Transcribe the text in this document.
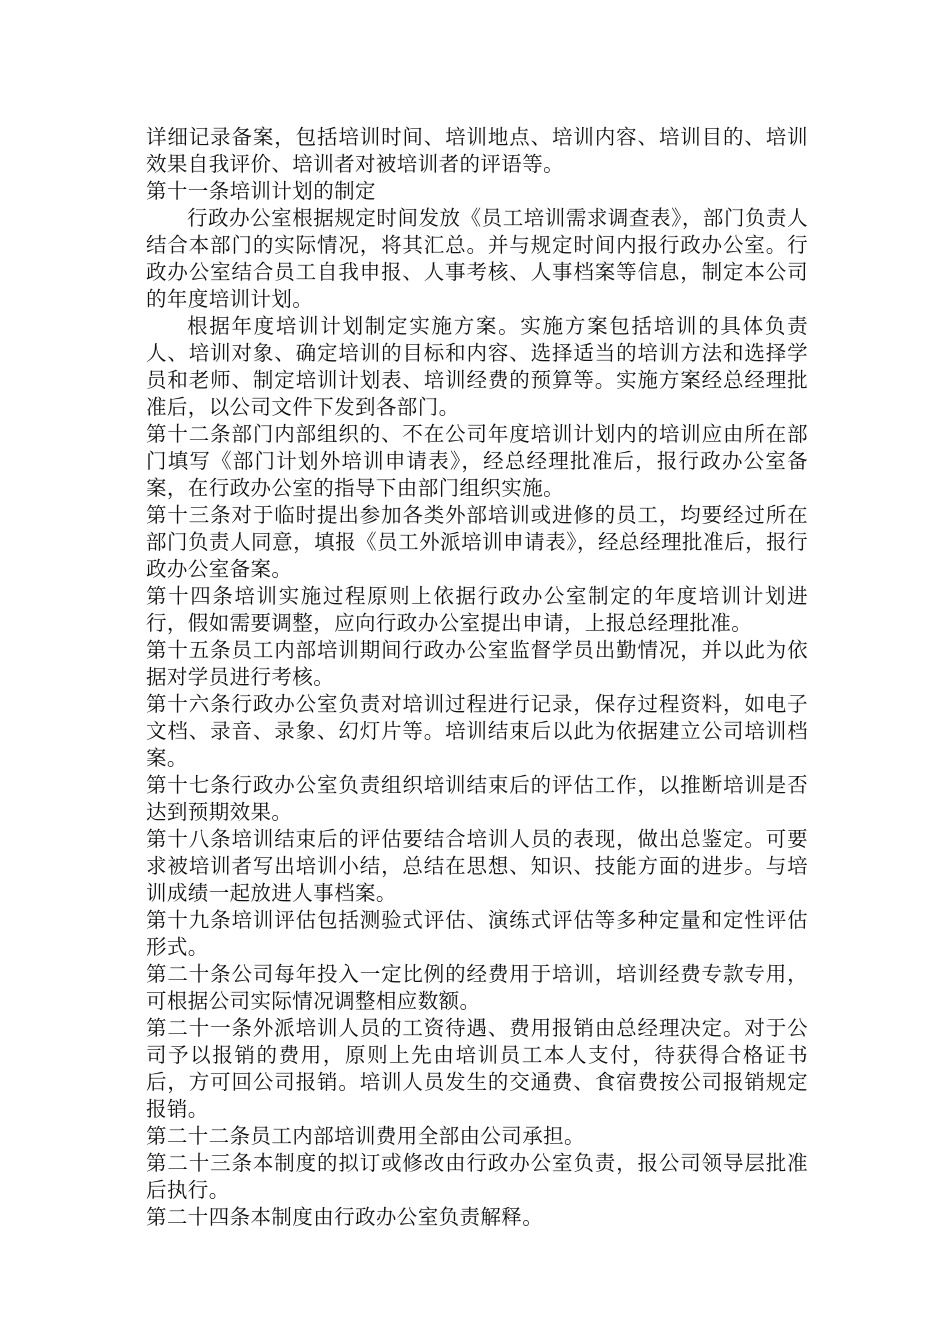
详细记录备案，包括培训时间、培训地点、培训内容、培训目的、培训效果自我评价、培训者对被培训者的评语等。

第十一条培训计划的制定

行政办公室根据规定时间发放《员工培训需求调查表》，部门负责人结合本部门的实际情况，将其汇总。并与规定时间内报行政办公室。行政办公室结合员工自我申报、人事考核、人事档案等信息，制定本公司的年度培训计划。

根据年度培训计划制定实施方案。实施方案包括培训的具体负责人、培训对象、确定培训的目标和内容、选择适当的培训方法和选择学员和老师、制定培训计划表、培训经费的预算等。实施方案经总经理批准后，以公司文件下发到各部门。

第十二条部门内部组织的、不在公司年度培训计划内的培训应由所在部门填写《部门计划外培训申请表》，经总经理批准后，报行政办公室备案，在行政办公室的指导下由部门组织实施。

第十三条对于临时提出参加各类外部培训或进修的员工，均要经过所在部门负责人同意，填报《员工外派培训申请表》，经总经理批准后，报行政办公室备案。

第十四条培训实施过程原则上依据行政办公室制定的年度培训计划进行，假如需要调整，应向行政办公室提出申请，上报总经理批准。

第十五条员工内部培训期间行政办公室监督学员出勤情况，并以此为依据对学员进行考核。

第十六条行政办公室负责对培训过程进行记录，保存过程资料，如电子文档、录音、录象、幻灯片等。培训结束后以此为依据建立公司培训档案。

第十七条行政办公室负责组织培训结束后的评估工作，以推断培训是否达到预期效果。

第十八条培训结束后的评估要结合培训人员的表现，做出总鉴定。可要求被培训者写出培训小结，总结在思想、知识、技能方面的进步。与培训成绩一起放进人事档案。

第十九条培训评估包括测验式评估、演练式评估等多种定量和定性评估形式。

第二十条公司每年投入一定比例的经费用于培训，培训经费专款专用，可根据公司实际情况调整相应数额。

第二十一条外派培训人员的工资待遇、费用报销由总经理决定。对于公司予以报销的费用，原则上先由培训员工本人支付，待获得合格证书后，方可回公司报销。培训人员发生的交通费、食宿费按公司报销规定报销。

第二十二条员工内部培训费用全部由公司承担。

第二十三条本制度的拟订或修改由行政办公室负责，报公司领导层批准后执行。

第二十四条本制度由行政办公室负责解释。
